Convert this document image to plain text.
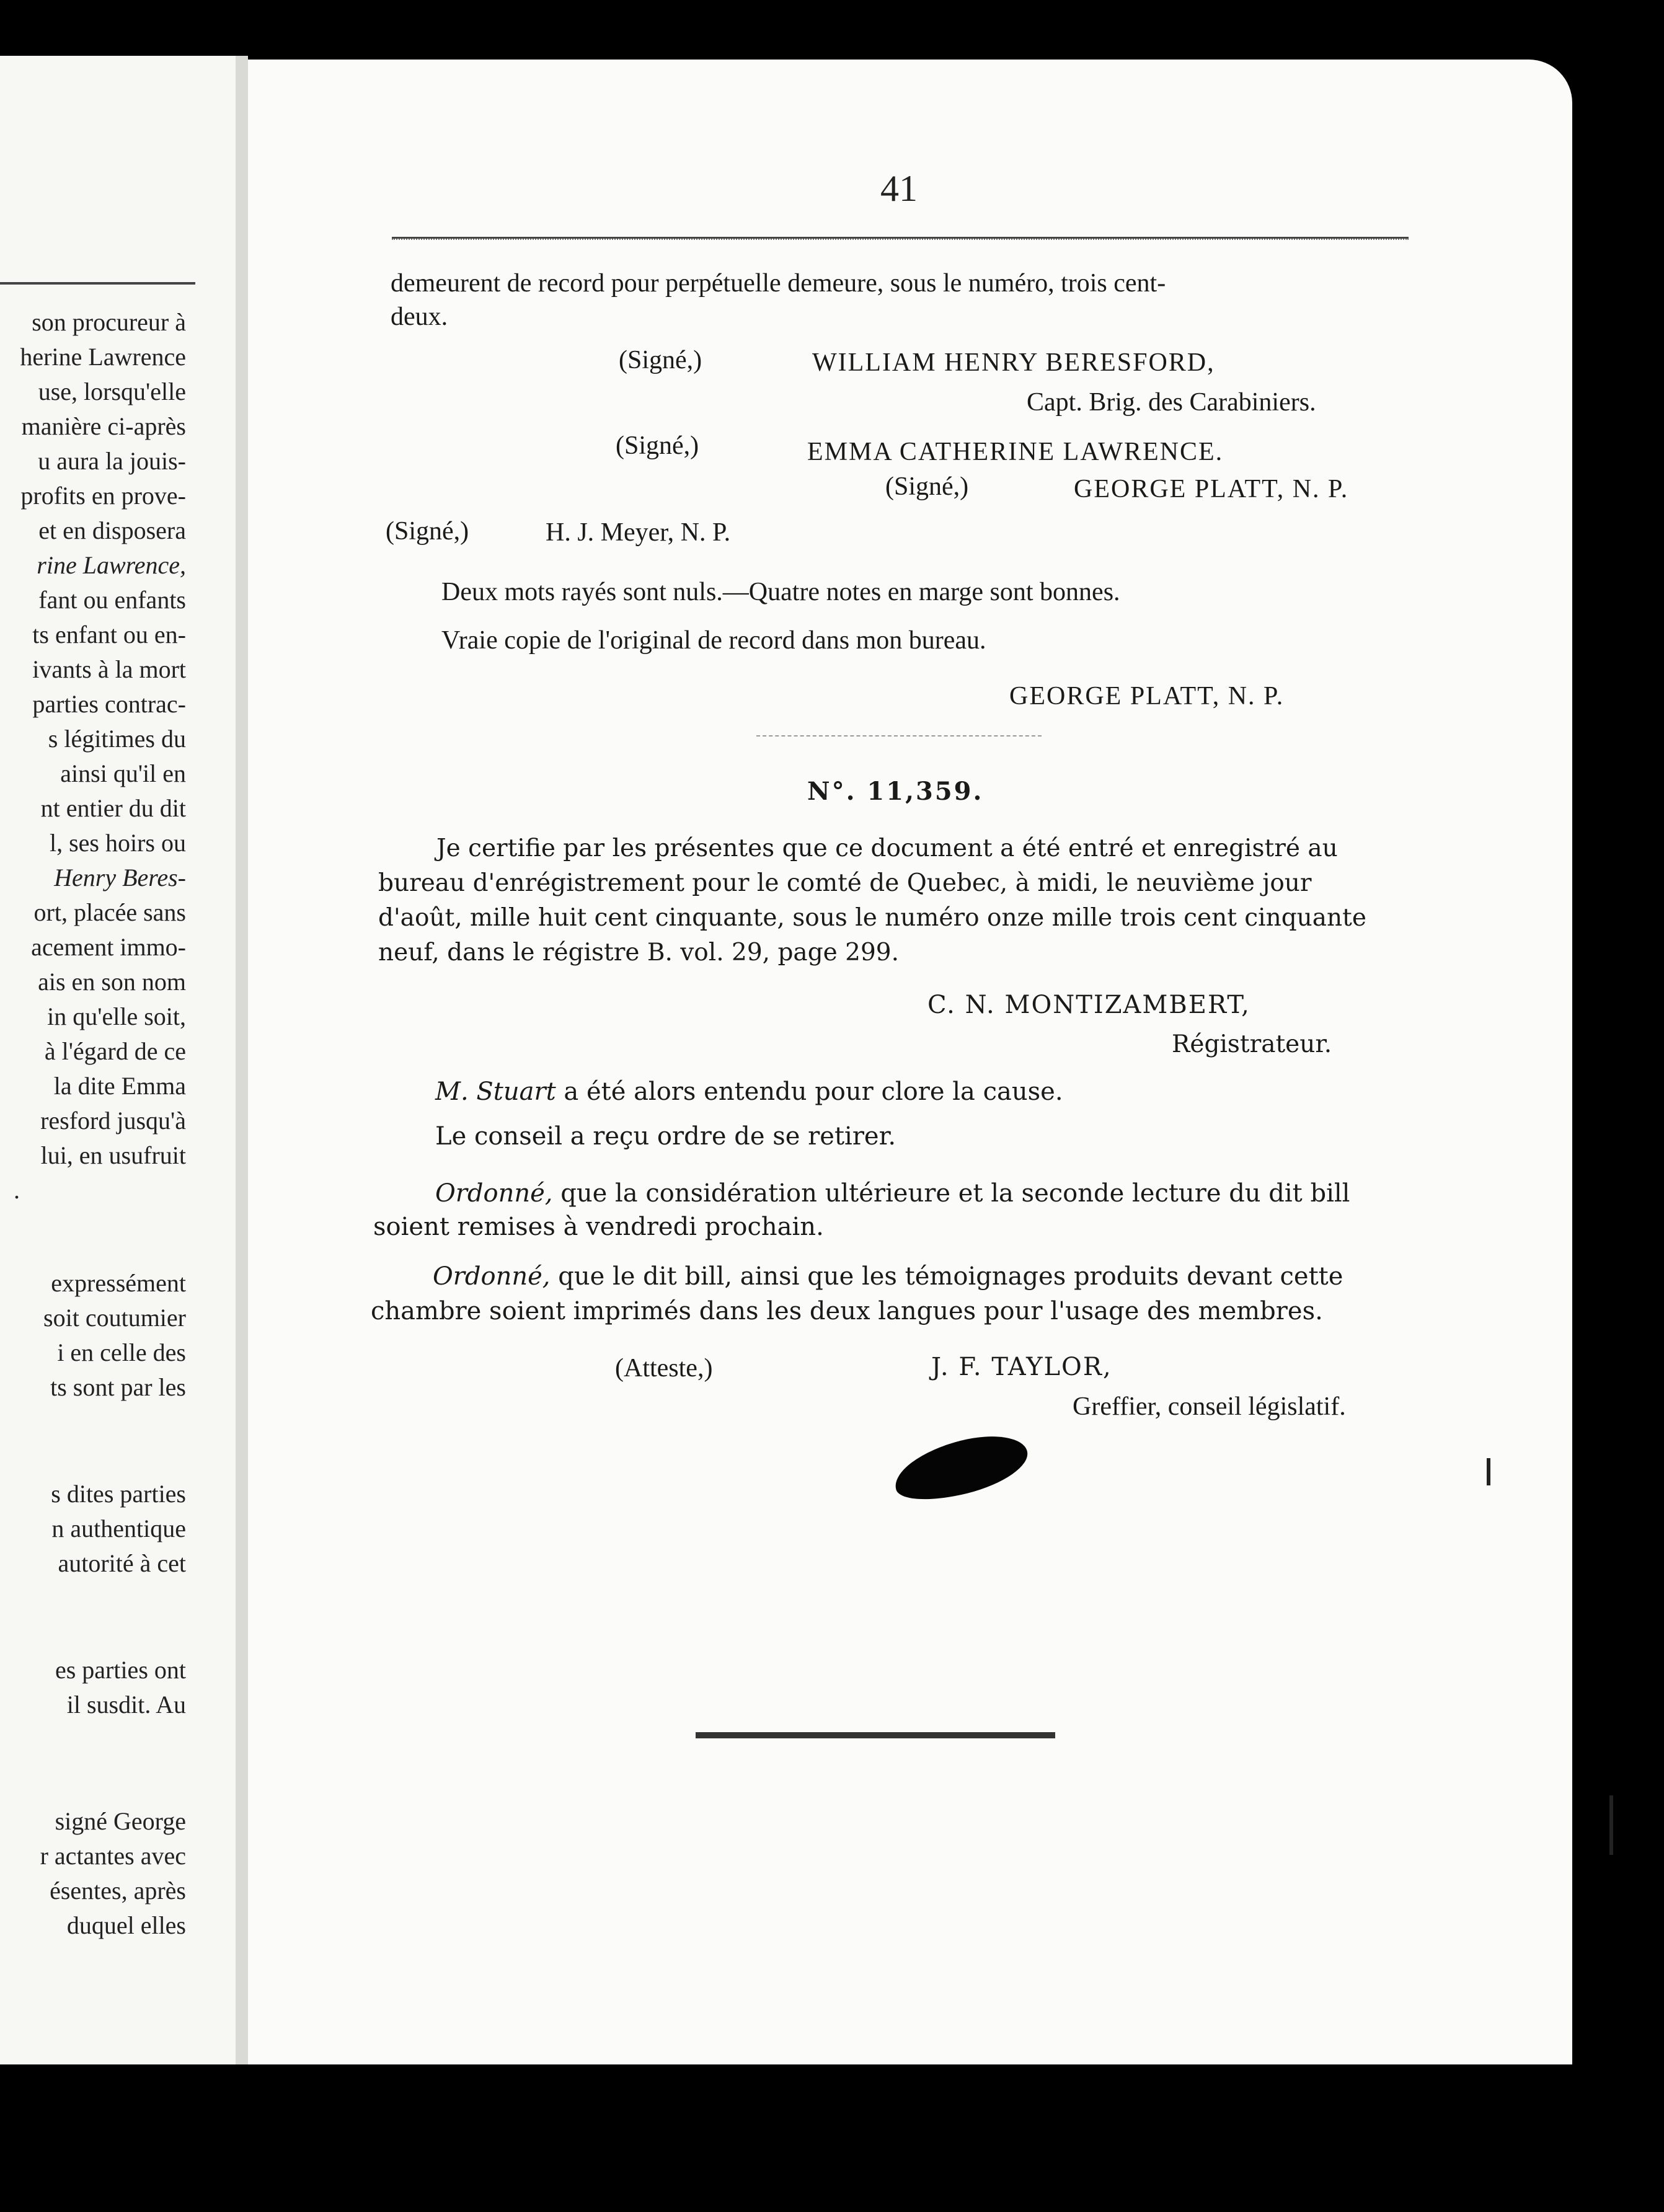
son procureur à
herine Lawrence
use, lorsqu'elle
manière ci-après
u aura la jouis-
profits en prove-
et en disposera
rine Lawrence,
fant ou enfants
ts enfant ou en-
ivants à la mort
parties contrac-
s légitimes du
ainsi qu'il en
nt entier du dit
l, ses hoirs ou
Henry Beres-
ort, placée sans
acement immo-
ais en son nom
in qu'elle soit,
à l'égard de ce
la dite Emma
resford jusqu'à
lui, en usufruit
.
expressément
soit coutumier
i en celle des
ts sont par les
s dites parties
n authentique
autorité à cet
es parties ont
il susdit. Au
signé George
r actantes avec
ésentes, après
duquel elles
41
demeurent de record pour perpétuelle demeure, sous le numéro, trois cent-
deux.
(Signé,)	WILLIAM HENRY BERESFORD,
Capt. Brig. des Carabiniers.
(Signé,)	EMMA CATHERINE LAWRENCE.
(Signé,)	GEORGE PLATT, N. P.
(Signé,)	H. J. Meyer, N. P.
Deux mots rayés sont nuls.—Quatre notes en marge sont bonnes.
Vraie copie de l'original de record dans mon bureau.
GEORGE PLATT, N. P.
N°. 11,359.
Je certifie par les présentes que ce document a été entré et enregistré au
bureau d'enrégistrement pour le comté de Quebec, à midi, le neuvième jour
d'août, mille huit cent cinquante, sous le numéro onze mille trois cent cinquante
neuf, dans le régistre B. vol. 29, page 299.
C. N. MONTIZAMBERT,
Régistrateur.
M. Stuart a été alors entendu pour clore la cause.
Le conseil a reçu ordre de se retirer.
Ordonné, que la considération ultérieure et la seconde lecture du dit bill
soient remises à vendredi prochain.
Ordonné, que le dit bill, ainsi que les témoignages produits devant cette
chambre soient imprimés dans les deux langues pour l'usage des membres.
(Atteste,)	J. F. TAYLOR,
Greffier, conseil législatif.
